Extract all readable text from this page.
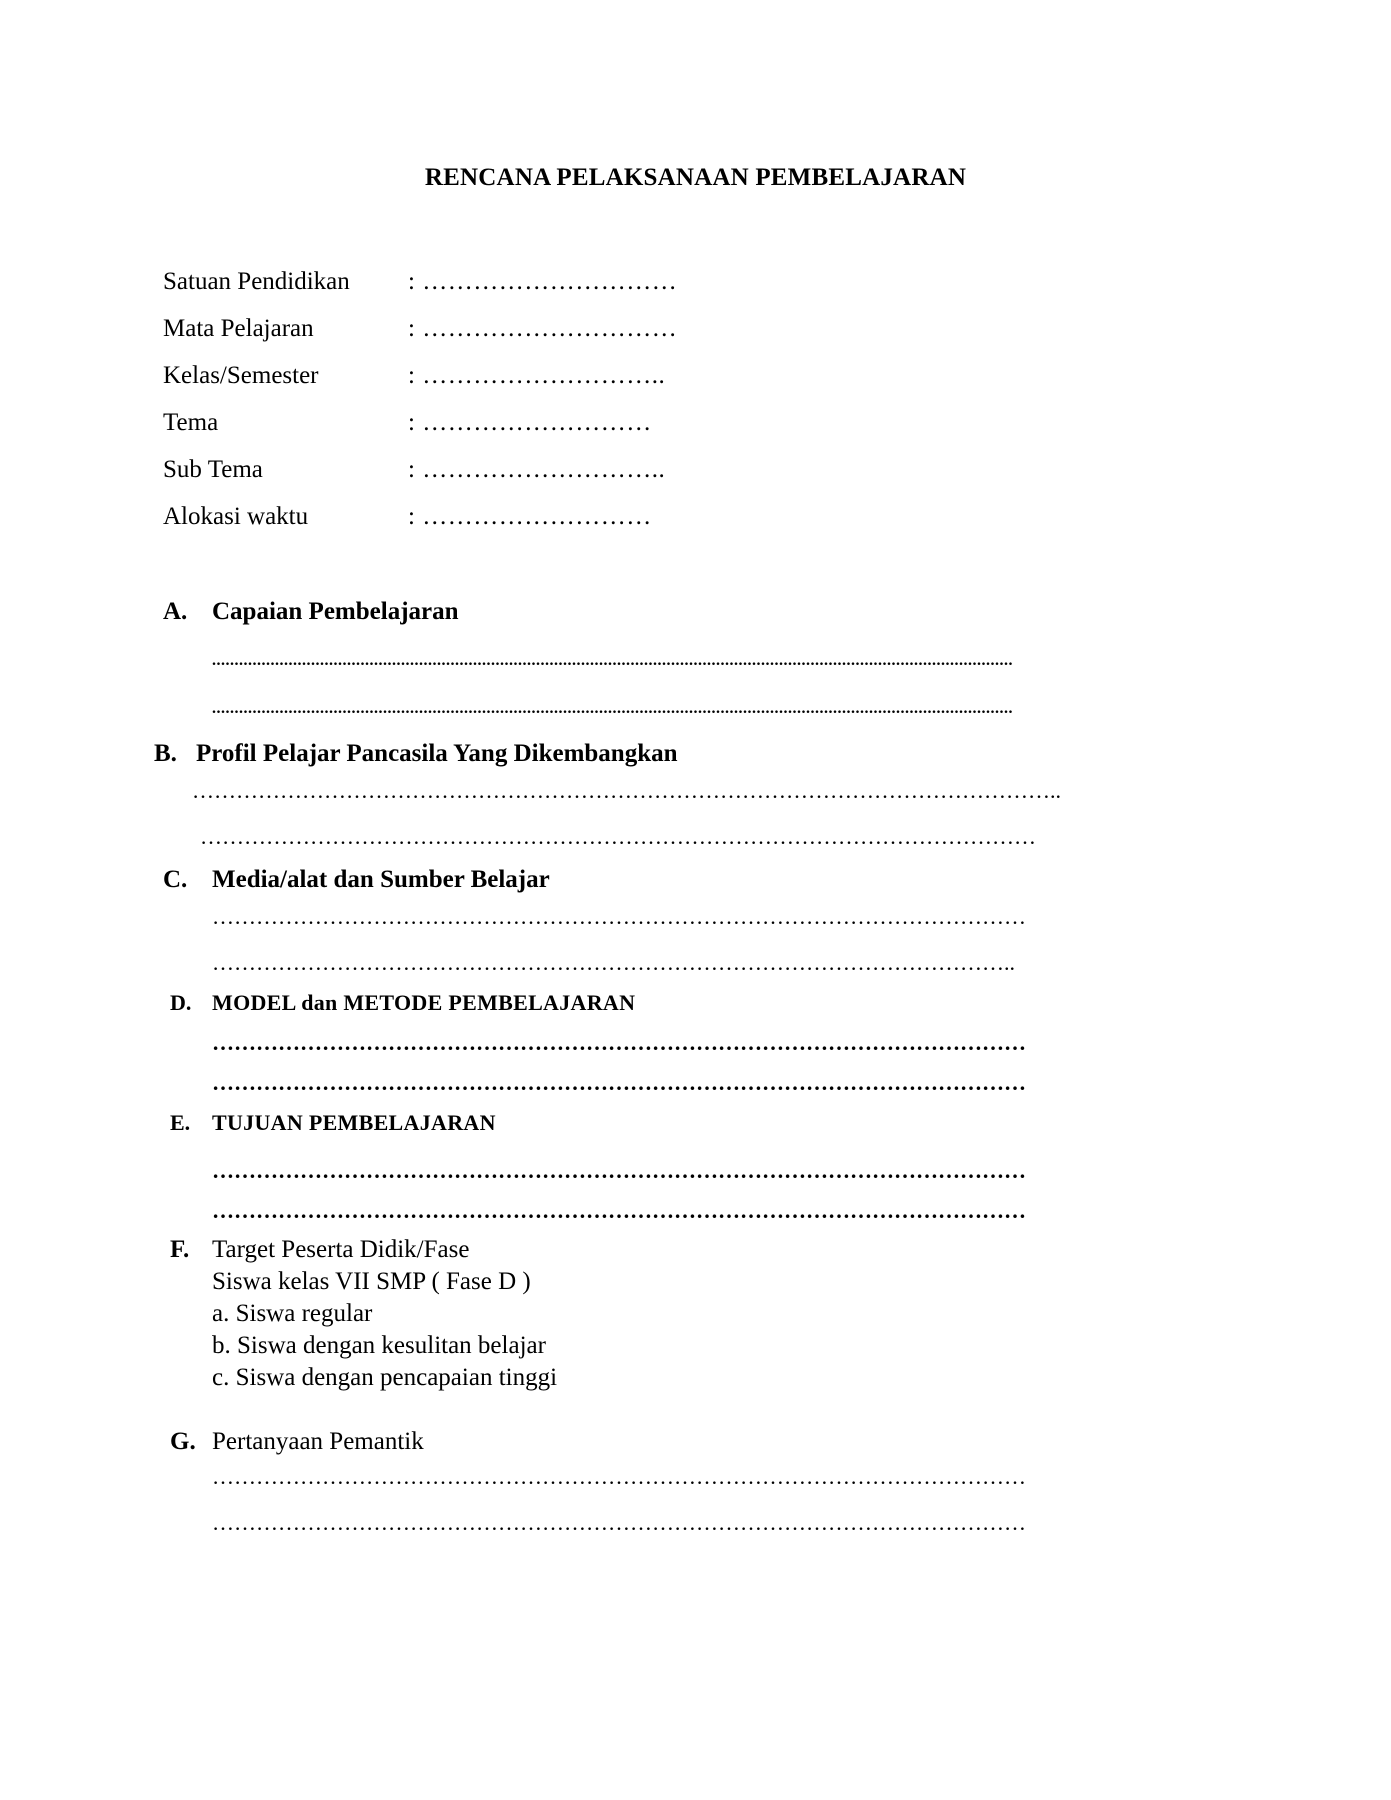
RENCANA PELAKSANAAN PEMBELAJARAN
Satuan Pendidikan : …………………………
Mata Pelajaran	: …………………………
Kelas/Semester	: ………………………..
Tema	: ………………………
Sub Tema	: ………………………..
Alokasi waktu	: ………………………
A. Capaian Pembelajaran
..................................................................................................................................................................................
..................................................................................................................................................................................
B. Profil Pelajar Pancasila Yang Dikembangkan
………………………………………………………………………………………………………..
……………………………………………………………………………………………………
C. Media/alat dan Sumber Belajar
…………………………………………………………………………………………………
………………………………………………………………………………………………..
D. MODEL dan METODE PEMBELAJARAN
…………………………………………………………………………………………………
…………………………………………………………………………………………………
E. TUJUAN PEMBELAJARAN
…………………………………………………………………………………………………
…………………………………………………………………………………………………
F. Target Peserta Didik/Fase
Siswa kelas VII SMP ( Fase D )
a. Siswa regular
b. Siswa dengan kesulitan belajar
c. Siswa dengan pencapaian tinggi
G. Pertanyaan Pemantik
…………………………………………………………………………………………………
…………………………………………………………………………………………………
